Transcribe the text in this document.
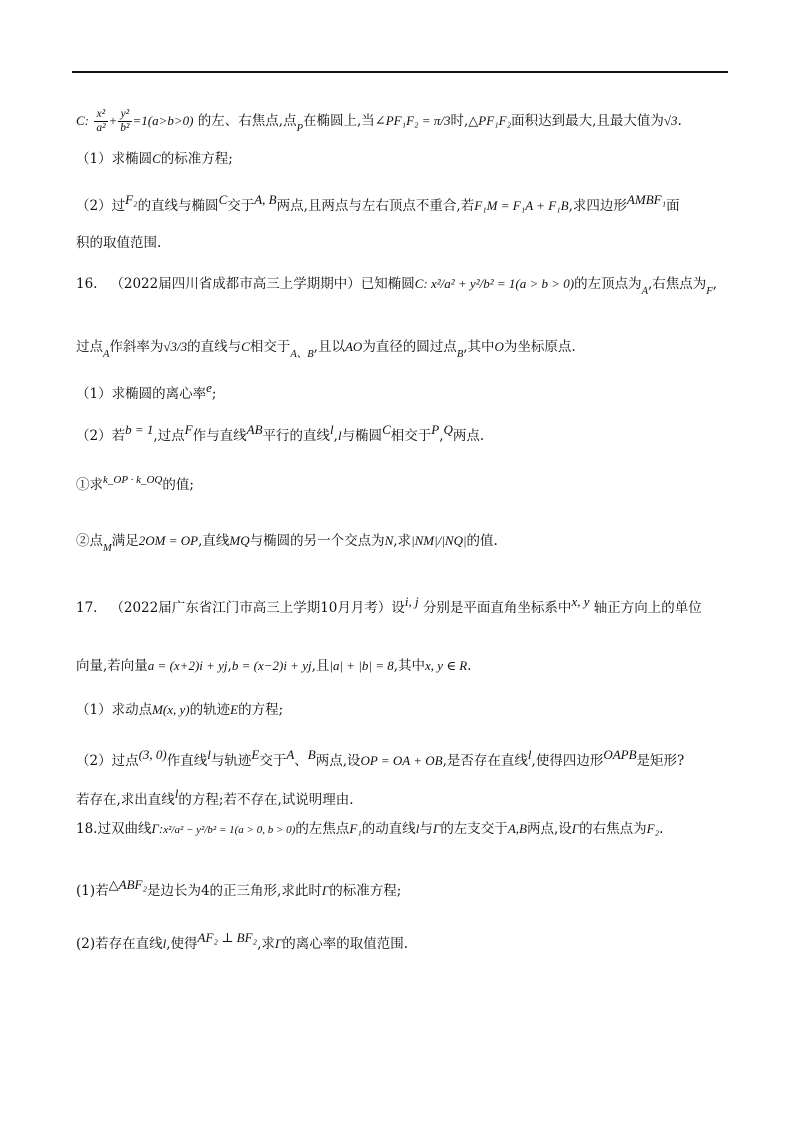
C: $\frac{\text{x²}}{\text{a²}} + \frac{\text{y²}}{\text{b²}} =1(a>b>0)$ 的左、右焦点,点$_P$在椭圆上,当∠PF₁F₂ = π/3时,△PF₁F₂面积达到最大,且最大值为√3.
（1）求椭圆C的标准方程;
（2）过F₂的直线与椭圆C交于A, B两点,且两点与左右顶点不重合,若F₁M = F₁A + F₁B,求四边形AMBF₁面
积的取值范围.
16. （2022届四川省成都市高三上学期期中）已知椭圆C: x²/a² + y²/b² = 1(a > b > 0)的左顶点为$_A$,右焦点为$_F$,
过点$_A$作斜率为√3/3的直线与C相交于$_{A、B}$,且以AO为直径的圆过点$_B$,其中O为坐标原点.
（1）求椭圆的离心率e;
（2）若b = 1,过点F作与直线AB平行的直线l,l与椭圆C相交于P,Q两点.
①求$^{k\_OP \cdot k\_OQ}$的值;
②点$_M$满足2OM = OP,直线MQ与椭圆的另一个交点为N,求|NM|/|NQ|的值.
17. （2022届广东省江门市高三上学期10月月考）设i, j 分别是平面直角坐标系中x, y 轴正方向上的单位
向量,若向量a = (x+2)i + yj,b = (x−2)i + yj,且|a| + |b| = 8,其中x, y ∈ R.
（1）求动点M(x, y)的轨迹E的方程;
（2）过点(3, 0)作直线l与轨迹E交于A、B两点,设OP = OA + OB,是否存在直线l,使得四边形OAPB是矩形?
若存在,求出直线l的方程;若不存在,试说明理由.
18.过双曲线Γ:x²/a² − y²/b² = 1(a > 0, b > 0)的左焦点F₁的动直线l与Γ的左支交于A,B两点,设Γ的右焦点为F₂.
(1)若△ABF₂是边长为4的正三角形,求此时Γ的标准方程;
(2)若存在直线l,使得AF₂ ⊥ BF₂,求Γ的离心率的取值范围.
